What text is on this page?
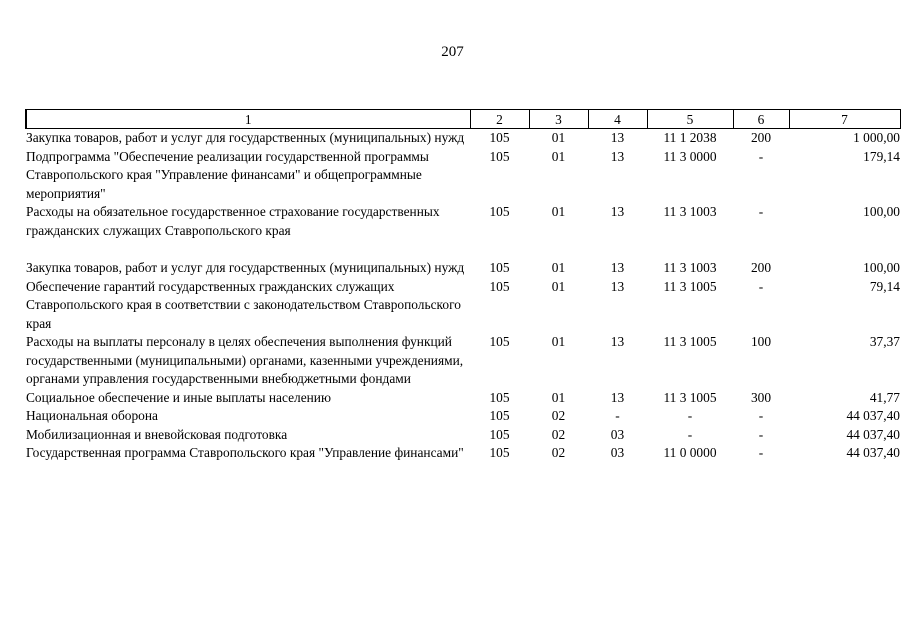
207
1	2	3	4	5	6	7
Закупка товаров, работ и услуг для государственных (муниципальных) нужд	105	01	13	11 1 2038	200	1 000,00
Подпрограмма "Обеспечение реализации государственной программы Ставропольского края "Управление финансами" и общепрограммные мероприятия"	105	01	13	11 3 0000	-	179,14
Расходы на обязательное государственное страхование государственных гражданских служащих Ставропольского края	105	01	13	11 3 1003	-	100,00
Закупка товаров, работ и услуг для государственных (муниципальных) нужд	105	01	13	11 3 1003	200	100,00
Обеспечение гарантий государственных гражданских служащих Ставропольского края в соответствии с законодательством Ставропольского края	105	01	13	11 3 1005	-	79,14
Расходы на выплаты персоналу в целях обеспечения выполнения функций государственными (муниципальными) органами, казенными учреждениями, органами управления государственными внебюджетными фондами	105	01	13	11 3 1005	100	37,37
Социальное обеспечение и иные выплаты населению	105	01	13	11 3 1005	300	41,77
Национальная оборона	105	02	-	-	-	44 037,40
Мобилизационная и вневойсковая подготовка	105	02	03	-	-	44 037,40
Государственная программа Ставропольского края "Управление финансами"	105	02	03	11 0 0000	-	44 037,40
